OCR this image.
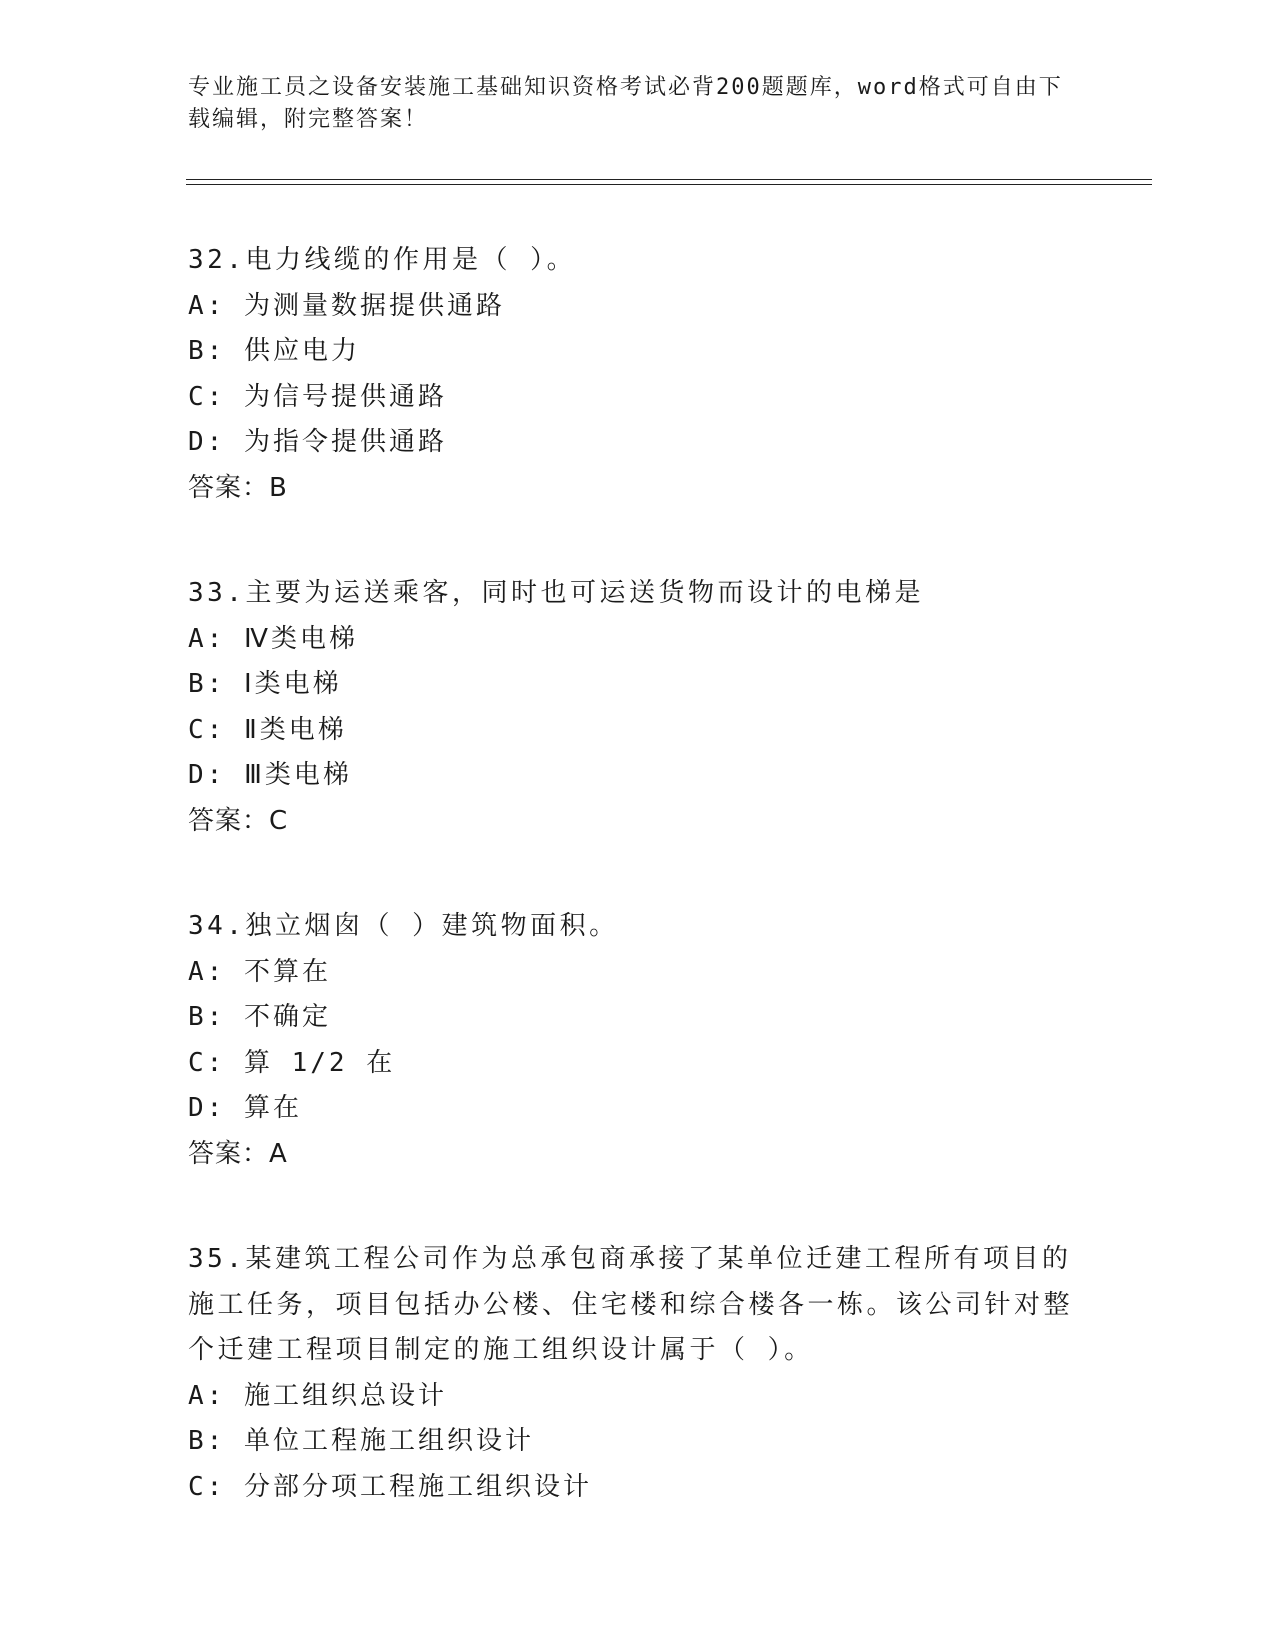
专业施工员之设备安装施工基础知识资格考试必背200题题库，word格式可自由下载编辑，附完整答案！
32.电力线缆的作用是（ ）。
A: 为测量数据提供通路
B: 供应电力
C: 为信号提供通路
D: 为指令提供通路
答案：B
33.主要为运送乘客，同时也可运送货物而设计的电梯是
A: Ⅳ类电梯
B: Ⅰ类电梯
C: Ⅱ类电梯
D: Ⅲ类电梯
答案：C
34.独立烟囱（ ）建筑物面积。
A: 不算在
B: 不确定
C: 算 1/2 在
D: 算在
答案：A
35.某建筑工程公司作为总承包商承接了某单位迁建工程所有项目的施工任务，项目包括办公楼、住宅楼和综合楼各一栋。该公司针对整个迁建工程项目制定的施工组织设计属于（ ）。
A: 施工组织总设计
B: 单位工程施工组织设计
C: 分部分项工程施工组织设计
